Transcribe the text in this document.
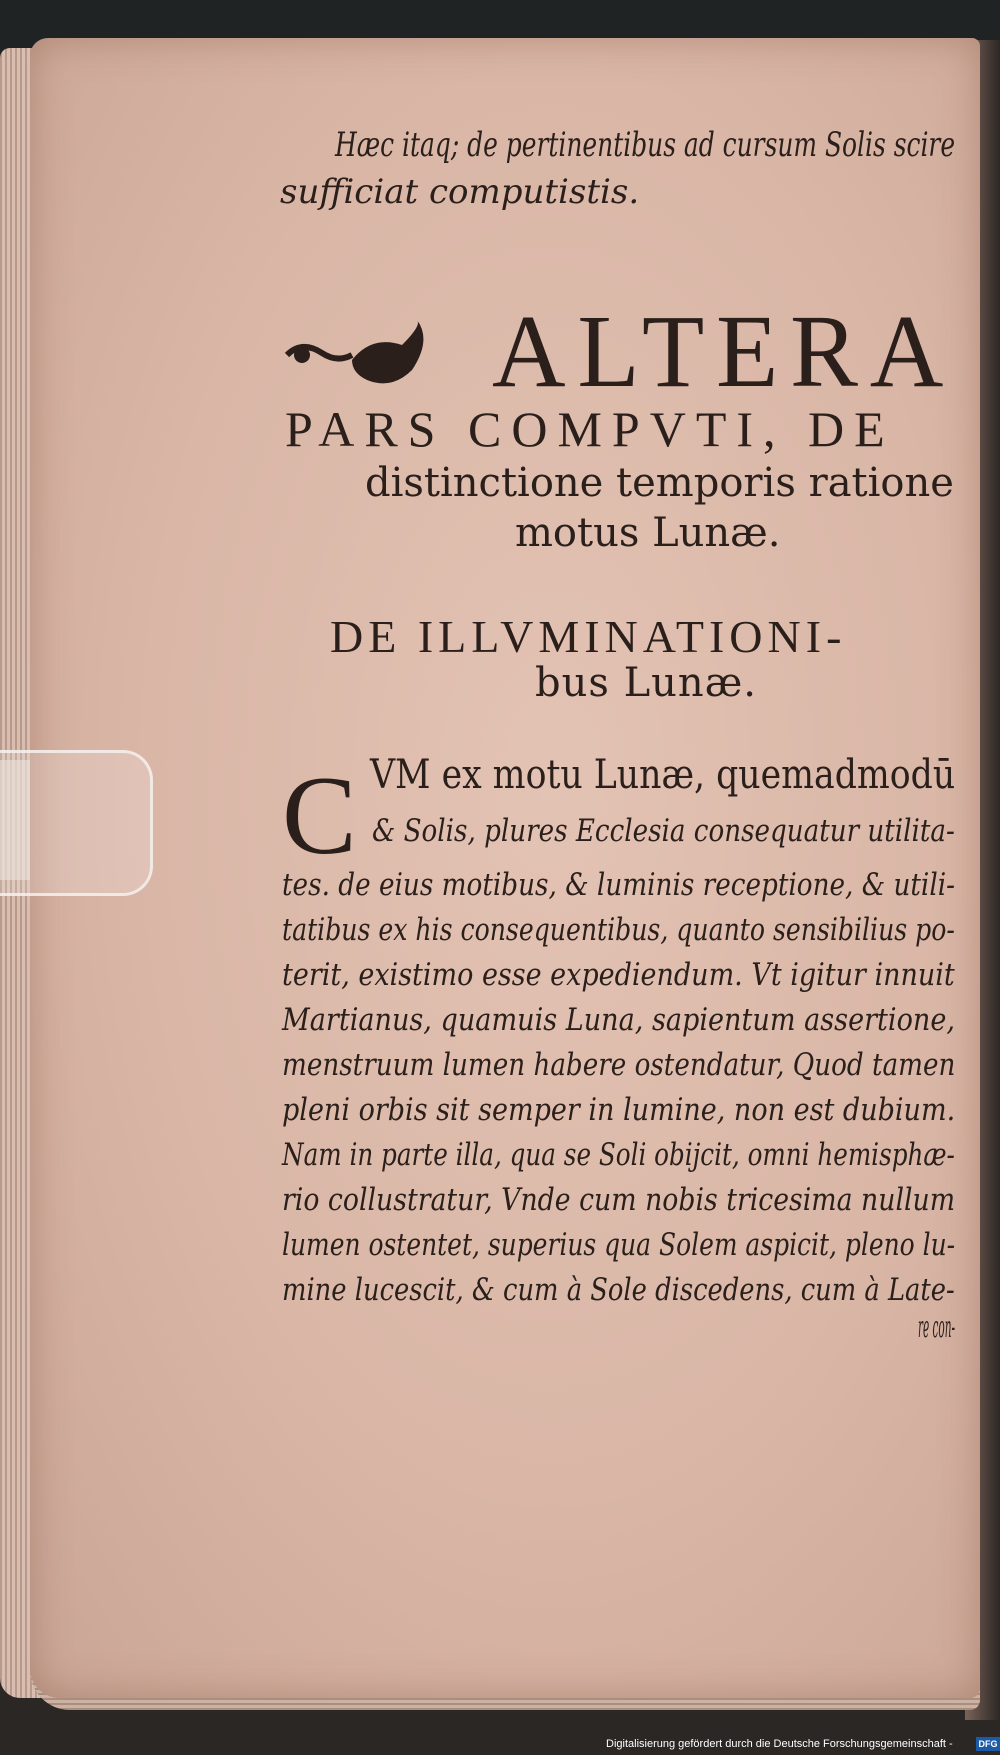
Hæc itaq; de pertinentibus ad cursum Solis scire
sufficiat computistis.
ALTERA
PARS COMPVTI, DE
distinctione temporis ratione
motus Lunæ.
DE ILLVMINATIONI-
bus Lunæ.
C VM ex motu Lunæ, quemadmodū
& Solis, plures Ecclesia consequatur utilita-
tes. de eius motibus, & luminis receptione, & utili-
tatibus ex his consequentibus, quanto sensibilius po-
terit, existimo esse expediendum. Vt igitur innuit
Martianus, quamuis Luna, sapientum assertione,
menstruum lumen habere ostendatur, Quod tamen
pleni orbis sit semper in lumine, non est dubium.
Nam in parte illa, qua se Soli obijcit, omni hemisphæ-
rio collustratur, Vnde cum nobis tricesima nullum
lumen ostentet, superius qua Solem aspicit, pleno lu-
mine lucescit, & cum à Sole discedens, cum à Late-
re con-
Digitalisierung gefördert durch die Deutsche Forschungsgemeinschaft -	DFG
